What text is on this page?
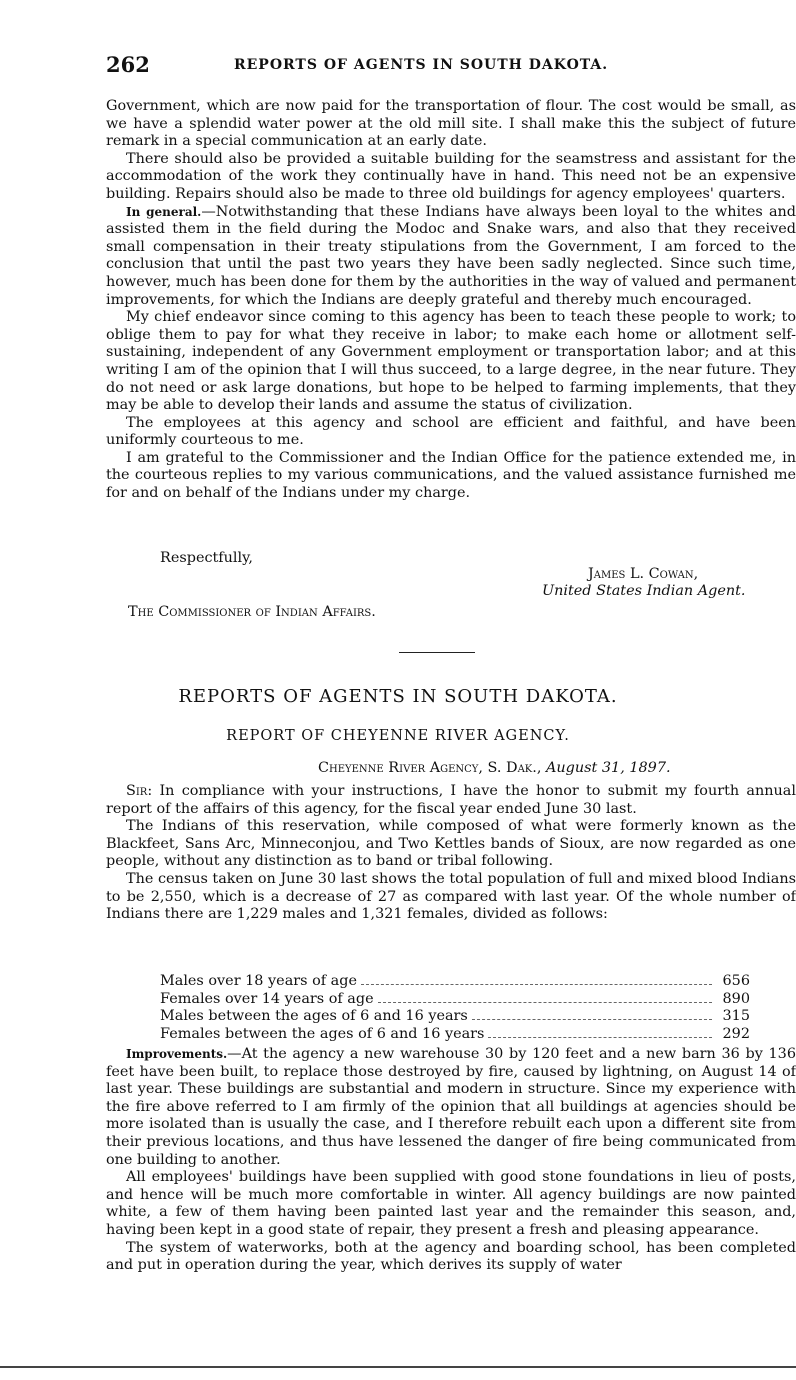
262	REPORTS OF AGENTS IN SOUTH DAKOTA.

Government, which are now paid for the transportation of flour. The cost would be small, as we have a splendid water power at the old mill site. I shall make this the subject of future remark in a special communication at an early date.

There should also be provided a suitable building for the seamstress and assistant for the accommodation of the work they continually have in hand. This need not be an expensive building. Repairs should also be made to three old buildings for agency employees' quarters.

In general.—Notwithstanding that these Indians have always been loyal to the whites and assisted them in the field during the Modoc and Snake wars, and also that they received small compensation in their treaty stipulations from the Government, I am forced to the conclusion that until the past two years they have been sadly neglected. Since such time, however, much has been done for them by the authorities in the way of valued and permanent improvements, for which the Indians are deeply grateful and thereby much encouraged.

My chief endeavor since coming to this agency has been to teach these people to work; to oblige them to pay for what they receive in labor; to make each home or allotment self-sustaining, independent of any Government employment or transportation labor; and at this writing I am of the opinion that I will thus succeed, to a large degree, in the near future. They do not need or ask large donations, but hope to be helped to farming implements, that they may be able to develop their lands and assume the status of civilization.

The employees at this agency and school are efficient and faithful, and have been uniformly courteous to me.

I am grateful to the Commissioner and the Indian Office for the patience extended me, in the courteous replies to my various communications, and the valued assistance furnished me for and on behalf of the Indians under my charge.

Respectfully,
James L. Cowan,
United States Indian Agent.
The Commissioner of Indian Affairs.
REPORTS OF AGENTS IN SOUTH DAKOTA.
REPORT OF CHEYENNE RIVER AGENCY.
Cheyenne River Agency, S. Dak., August 31, 1897.

Sir: In compliance with your instructions, I have the honor to submit my fourth annual report of the affairs of this agency, for the fiscal year ended June 30 last.

The Indians of this reservation, while composed of what were formerly known as the Blackfeet, Sans Arc, Minneconjou, and Two Kettles bands of Sioux, are now regarded as one people, without any distinction as to band or tribal following.

The census taken on June 30 last shows the total population of full and mixed blood Indians to be 2,550, which is a decrease of 27 as compared with last year. Of the whole number of Indians there are 1,229 males and 1,321 females, divided as follows:

Males over 18 years of age	656
Females over 14 years of age	890
Males between the ages of 6 and 16 years	315
Females between the ages of 6 and 16 years	292

Improvements.—At the agency a new warehouse 30 by 120 feet and a new barn 36 by 136 feet have been built, to replace those destroyed by fire, caused by lightning, on August 14 of last year. These buildings are substantial and modern in structure. Since my experience with the fire above referred to I am firmly of the opinion that all buildings at agencies should be more isolated than is usually the case, and I therefore rebuilt each upon a different site from their previous locations, and thus have lessened the danger of fire being communicated from one building to another.

All employees' buildings have been supplied with good stone foundations in lieu of posts, and hence will be much more comfortable in winter. All agency buildings are now painted white, a few of them having been painted last year and the remainder this season, and, having been kept in a good state of repair, they present a fresh and pleasing appearance.

The system of waterworks, both at the agency and boarding school, has been completed and put in operation during the year, which derives its supply of water
